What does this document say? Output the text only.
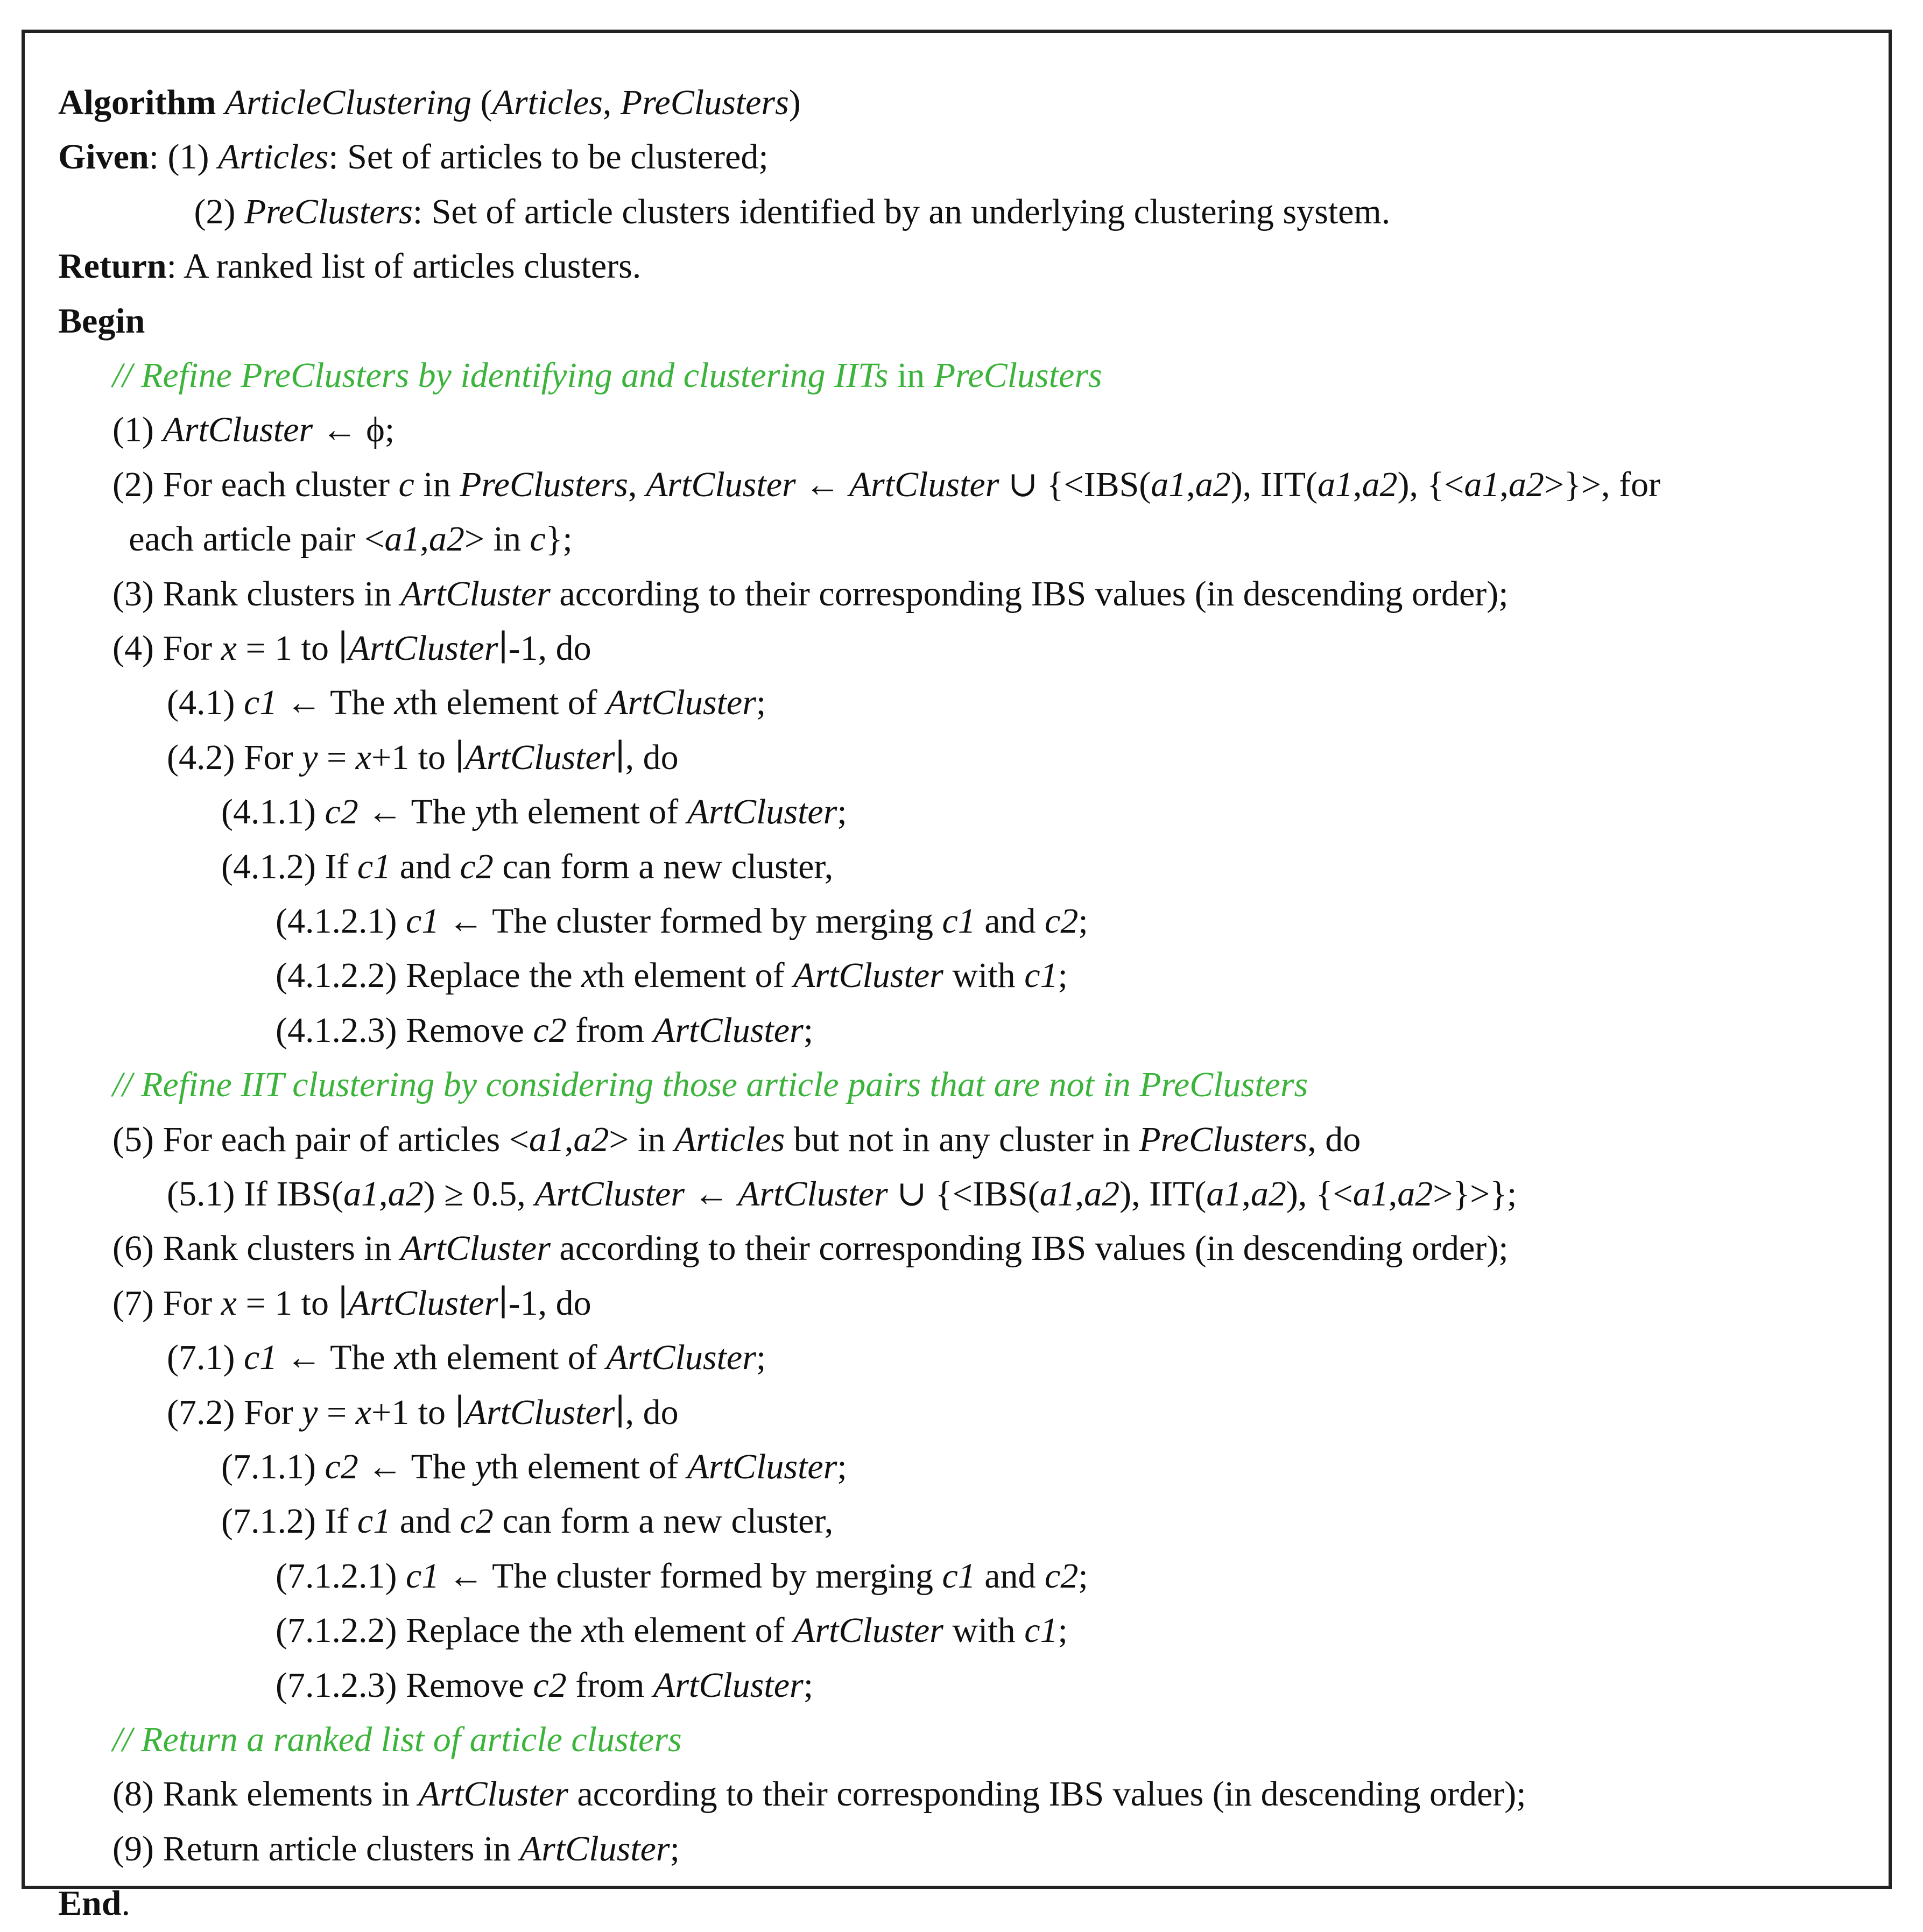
Algorithm ArticleClustering (Articles, PreClusters)
Given: (1) Articles: Set of articles to be clustered;
(2) PreClusters: Set of article clusters identified by an underlying clustering system.
Return: A ranked list of articles clusters.
Begin
// Refine PreClusters by identifying and clustering IITs in PreClusters
(1) ArtCluster ← ϕ;
(2) For each cluster c in PreClusters, ArtCluster ← ArtCluster ∪ {<IBS(a1,a2), IIT(a1,a2), {<a1,a2>}>, for
each article pair <a1,a2> in c};
(3) Rank clusters in ArtCluster according to their corresponding IBS values (in descending order);
(4) For x = 1 to ∣ArtCluster∣-1, do
(4.1) c1 ← The xth element of ArtCluster;
(4.2) For y = x+1 to ∣ArtCluster∣, do
(4.1.1) c2 ← The yth element of ArtCluster;
(4.1.2) If c1 and c2 can form a new cluster,
(4.1.2.1) c1 ← The cluster formed by merging c1 and c2;
(4.1.2.2) Replace the xth element of ArtCluster with c1;
(4.1.2.3) Remove c2 from ArtCluster;
// Refine IIT clustering by considering those article pairs that are not in PreClusters
(5) For each pair of articles <a1,a2> in Articles but not in any cluster in PreClusters, do
(5.1) If IBS(a1,a2) ≥ 0.5, ArtCluster ← ArtCluster ∪ {<IBS(a1,a2), IIT(a1,a2), {<a1,a2>}>};
(6) Rank clusters in ArtCluster according to their corresponding IBS values (in descending order);
(7) For x = 1 to ∣ArtCluster∣-1, do
(7.1) c1 ← The xth element of ArtCluster;
(7.2) For y = x+1 to ∣ArtCluster∣, do
(7.1.1) c2 ← The yth element of ArtCluster;
(7.1.2) If c1 and c2 can form a new cluster,
(7.1.2.1) c1 ← The cluster formed by merging c1 and c2;
(7.1.2.2) Replace the xth element of ArtCluster with c1;
(7.1.2.3) Remove c2 from ArtCluster;
// Return a ranked list of article clusters
(8) Rank elements in ArtCluster according to their corresponding IBS values (in descending order);
(9) Return article clusters in ArtCluster;
End.
